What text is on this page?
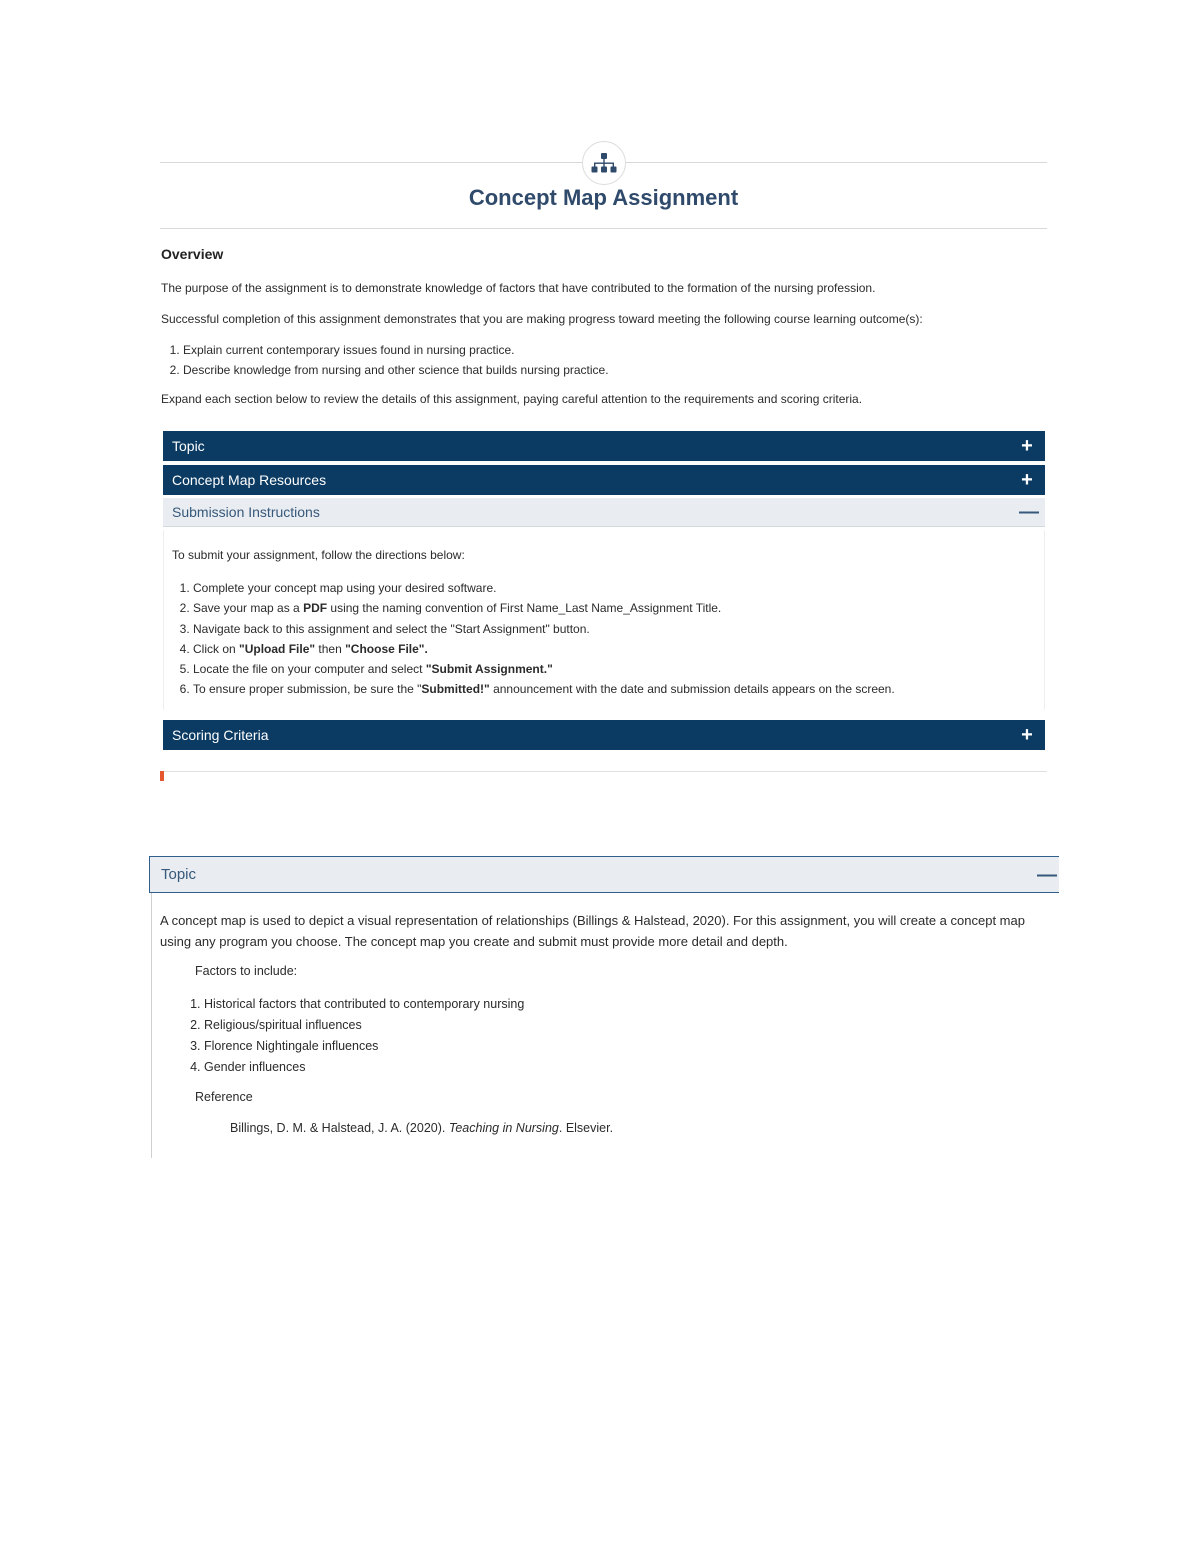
Concept Map Assignment
Overview
The purpose of the assignment is to demonstrate knowledge of factors that have contributed to the formation of the nursing profession.
Successful completion of this assignment demonstrates that you are making progress toward meeting the following course learning outcome(s):
1. Explain current contemporary issues found in nursing practice.
2. Describe knowledge from nursing and other science that builds nursing practice.
Expand each section below to review the details of this assignment, paying careful attention to the requirements and scoring criteria.
Topic	+
Concept Map Resources	+
Submission Instructions	—
To submit your assignment, follow the directions below:
1. Complete your concept map using your desired software.
2. Save your map as a PDF using the naming convention of First Name_Last Name_Assignment Title.
3. Navigate back to this assignment and select the "Start Assignment" button.
4. Click on "Upload File" then "Choose File".
5. Locate the file on your computer and select "Submit Assignment."
6. To ensure proper submission, be sure the "Submitted!" announcement with the date and submission details appears on the screen.
Scoring Criteria	+
Topic	—
A concept map is used to depict a visual representation of relationships (Billings & Halstead, 2020). For this assignment, you will create a concept map using any program you choose. The concept map you create and submit must provide more detail and depth.
Factors to include:
1. Historical factors that contributed to contemporary nursing
2. Religious/spiritual influences
3. Florence Nightingale influences
4. Gender influences
Reference
Billings, D. M. & Halstead, J. A. (2020). Teaching in Nursing. Elsevier.
